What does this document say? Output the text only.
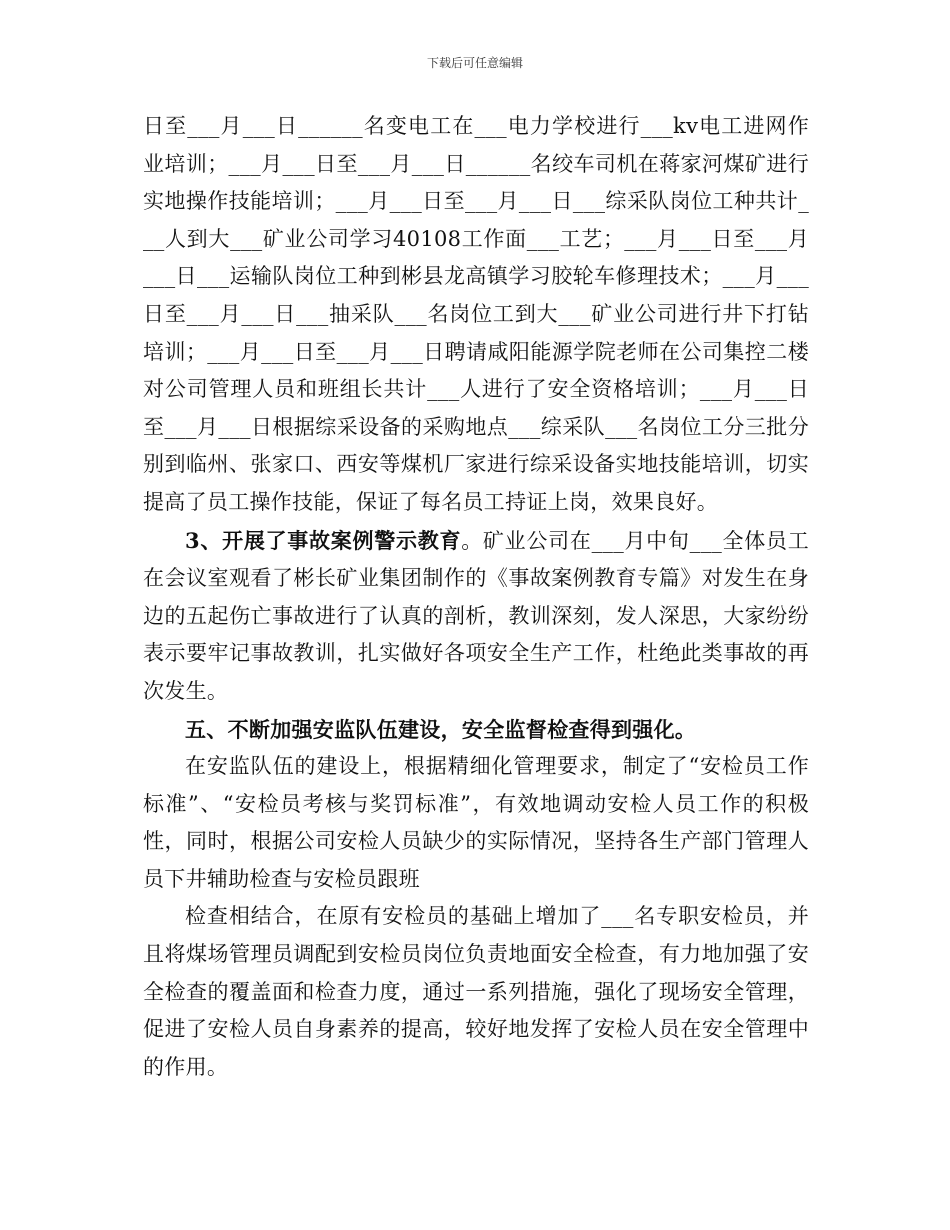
下载后可任意编辑

日至___月___日______名变电工在___电力学校进行___kv电工进网作业培训；___月___日至___月___日______名绞车司机在蒋家河煤矿进行实地操作技能培训；___月___日至___月___日___综采队岗位工种共计___人到大___矿业公司学习40108工作面___工艺；___月___日至___月___日___运输队岗位工种到彬县龙高镇学习胶轮车修理技术；___月___日至___月___日___抽采队___名岗位工到大___矿业公司进行井下打钻培训；___月___日至___月___日聘请咸阳能源学院老师在公司集控二楼对公司管理人员和班组长共计___人进行了安全资格培训；___月___日至___月___日根据综采设备的采购地点___综采队___名岗位工分三批分别到临州、张家口、西安等煤机厂家进行综采设备实地技能培训，切实提高了员工操作技能，保证了每名员工持证上岗，效果良好。

3、开展了事故案例警示教育。矿业公司在___月中旬___全体员工在会议室观看了彬长矿业集团制作的《事故案例教育专篇》对发生在身边的五起伤亡事故进行了认真的剖析，教训深刻，发人深思，大家纷纷表示要牢记事故教训，扎实做好各项安全生产工作，杜绝此类事故的再次发生。

五、不断加强安监队伍建设，安全监督检查得到强化。

在安监队伍的建设上，根据精细化管理要求，制定了“安检员工作标准”、“安检员考核与奖罚标准”，有效地调动安检人员工作的积极性，同时，根据公司安检人员缺少的实际情况，坚持各生产部门管理人员下井辅助检查与安检员跟班

检查相结合，在原有安检员的基础上增加了___名专职安检员，并且将煤场管理员调配到安检员岗位负责地面安全检查，有力地加强了安全检查的覆盖面和检查力度，通过一系列措施，强化了现场安全管理，促进了安检人员自身素养的提高，较好地发挥了安检人员在安全管理中的作用。
